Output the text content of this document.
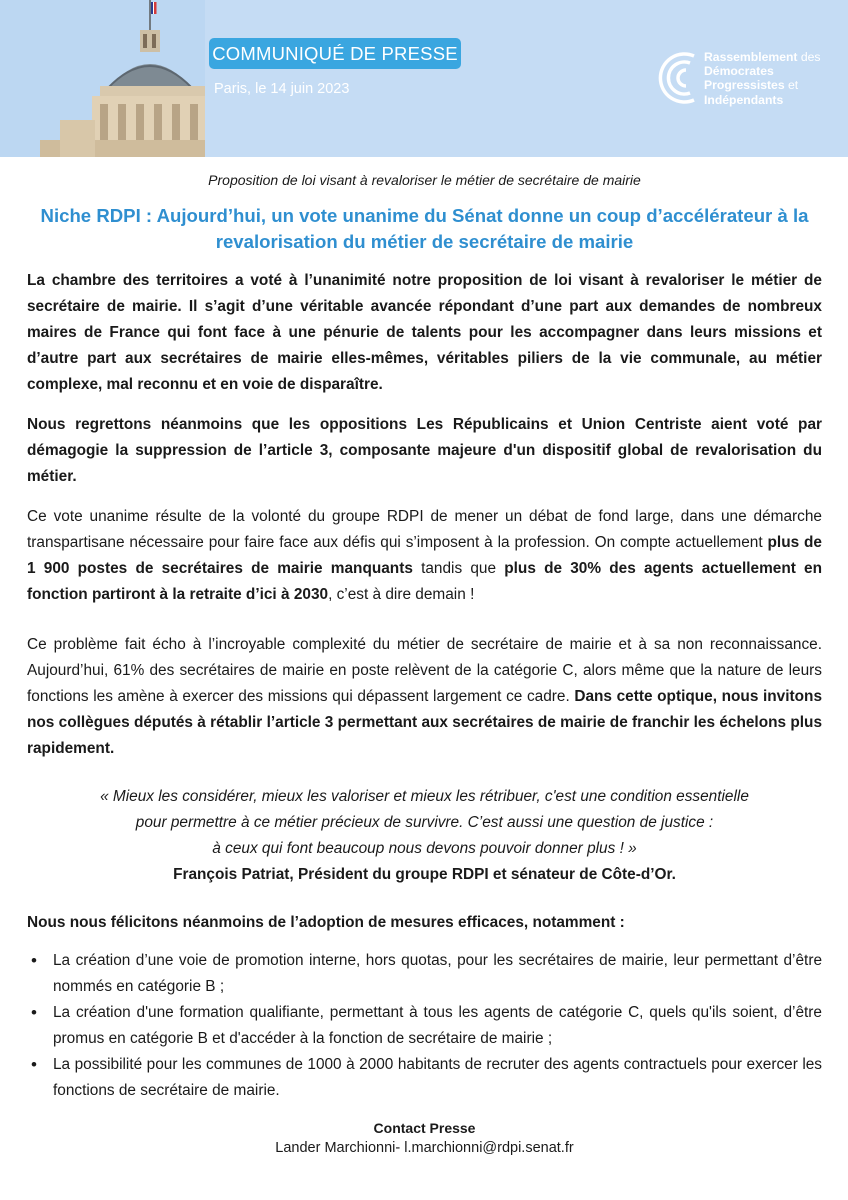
COMMUNIQUÉ DE PRESSE
Paris, le 14 juin 2023
Rassemblement des
Démocrates
Progressistes et
Indépendants
Proposition de loi visant à revaloriser le métier de secrétaire de mairie
Niche RDPI : Aujourd’hui, un vote unanime du Sénat donne un coup d’accélérateur à la revalorisation du métier de secrétaire de mairie

La chambre des territoires a voté à l’unanimité notre proposition de loi visant à revaloriser le métier de secrétaire de mairie. Il s’agit d’une véritable avancée répondant d’une part aux demandes de nombreux maires de France qui font face à une pénurie de talents pour les accompagner dans leurs missions et d’autre part aux secrétaires de mairie elles-mêmes, véritables piliers de la vie communale, au métier complexe, mal reconnu et en voie de disparaître.

Nous regrettons néanmoins que les oppositions Les Républicains et Union Centriste aient voté par démagogie la suppression de l’article 3, composante majeure d'un dispositif global de revalorisation du métier.

Ce vote unanime résulte de la volonté du groupe RDPI de mener un débat de fond large, dans une démarche transpartisane nécessaire pour faire face aux défis qui s’imposent à la profession. On compte actuellement plus de 1 900 postes de secrétaires de mairie manquants tandis que plus de 30% des agents actuellement en fonction partiront à la retraite d’ici à 2030, c’est à dire demain !

Ce problème fait écho à l’incroyable complexité du métier de secrétaire de mairie et à sa non reconnaissance. Aujourd’hui, 61% des secrétaires de mairie en poste relèvent de la catégorie C, alors même que la nature de leurs fonctions les amène à exercer des missions qui dépassent largement ce cadre. Dans cette optique, nous invitons nos collègues députés à rétablir l’article 3 permettant aux secrétaires de mairie de franchir les échelons plus rapidement.

« Mieux les considérer, mieux les valoriser et mieux les rétribuer, c'est une condition essentielle
pour permettre à ce métier précieux de survivre. C’est aussi une question de justice :
à ceux qui font beaucoup nous devons pouvoir donner plus ! »
François Patriat, Président du groupe RDPI et sénateur de Côte-d’Or.
Nous nous félicitons néanmoins de l’adoption de mesures efficaces, notamment :
• La création d’une voie de promotion interne, hors quotas, pour les secrétaires de mairie, leur permettant d’être nommés en catégorie B ;
• La création d'une formation qualifiante, permettant à tous les agents de catégorie C, quels qu'ils soient, d’être promus en catégorie B et d'accéder à la fonction de secrétaire de mairie ;
• La possibilité pour les communes de 1000 à 2000 habitants de recruter des agents contractuels pour exercer les fonctions de secrétaire de mairie.
Contact Presse
Lander Marchionni- l.marchionni@rdpi.senat.fr
